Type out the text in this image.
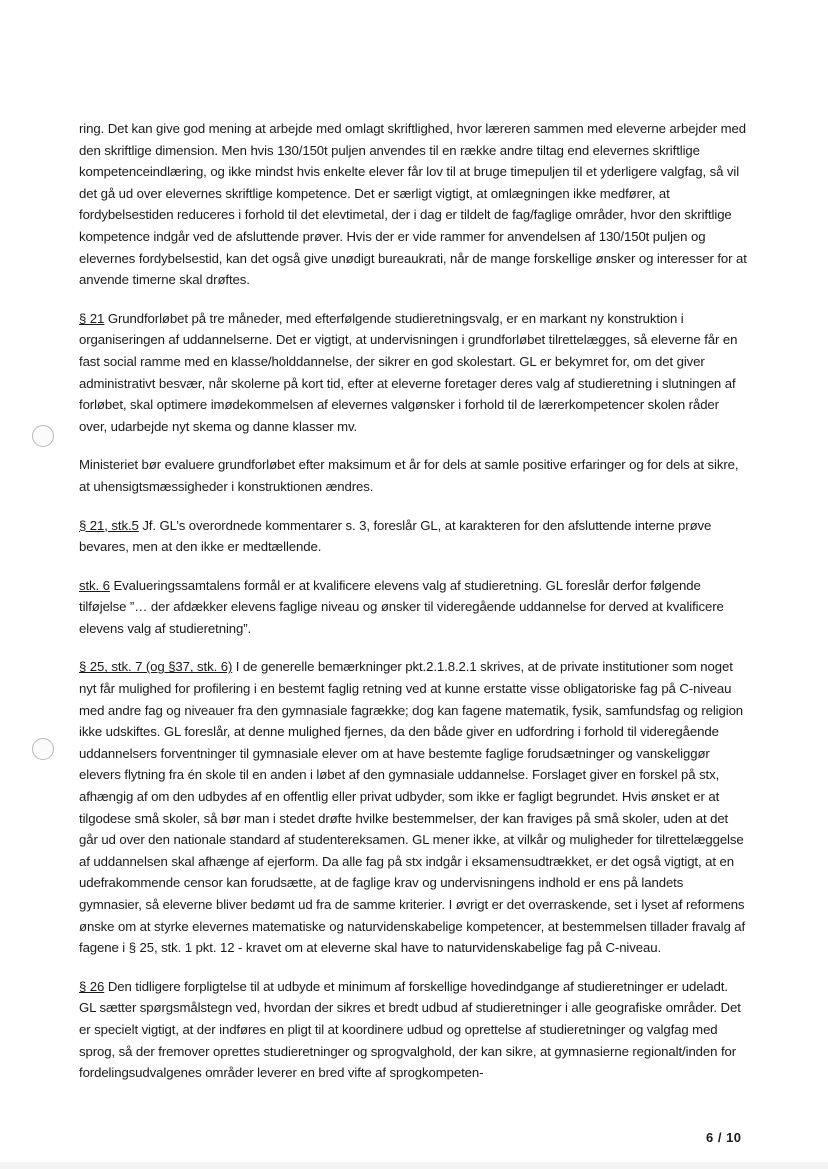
ring. Det kan give god mening at arbejde med omlagt skriftlighed, hvor læreren sammen med eleverne arbejder med den skriftlige dimension. Men hvis 130/150t puljen anvendes til en række andre tiltag end elevernes skriftlige kompetenceindlæring, og ikke mindst hvis enkelte elever får lov til at bruge timepuljen til et yderligere valgfag, så vil det gå ud over elevernes skriftlige kompetence. Det er særligt vigtigt, at omlægningen ikke medfører, at fordybelsestiden reduceres i forhold til det elevtimetal, der i dag er tildelt de fag/faglige områder, hvor den skriftlige kompetence indgår ved de afsluttende prøver. Hvis der er vide rammer for anvendelsen af 130/150t puljen og elevernes fordybelsestid, kan det også give unødigt bureaukrati, når de mange forskellige ønsker og interesser for at anvende timerne skal drøftes.

§ 21 Grundforløbet på tre måneder, med efterfølgende studieretningsvalg, er en markant ny konstruktion i organiseringen af uddannelserne. Det er vigtigt, at undervisningen i grundforløbet tilrettelægges, så eleverne får en fast social ramme med en klasse/holddannelse, der sikrer en god skolestart. GL er bekymret for, om det giver administrativt besvær, når skolerne på kort tid, efter at eleverne foretager deres valg af studieretning i slutningen af forløbet, skal optimere imødekommelsen af elevernes valgønsker i forhold til de lærerkompetencer skolen råder over, udarbejde nyt skema og danne klasser mv.

Ministeriet bør evaluere grundforløbet efter maksimum et år for dels at samle positive erfaringer og for dels at sikre, at uhensigtsmæssigheder i konstruktionen ændres.

§ 21, stk.5 Jf. GL’s overordnede kommentarer s. 3, foreslår GL, at karakteren for den afsluttende interne prøve bevares, men at den ikke er medtællende.

stk. 6 Evalueringssamtalens formål er at kvalificere elevens valg af studieretning. GL foreslår derfor følgende tilføjelse ”… der afdækker elevens faglige niveau og ønsker til videregående uddannelse for derved at kvalificere elevens valg af studieretning”.

§ 25, stk. 7 (og §37, stk. 6) I de generelle bemærkninger pkt.2.1.8.2.1 skrives, at de private institutioner som noget nyt får mulighed for profilering i en bestemt faglig retning ved at kunne erstatte visse obligatoriske fag på C-niveau med andre fag og niveauer fra den gymnasiale fagrække; dog kan fagene matematik, fysik, samfundsfag og religion ikke udskiftes. GL foreslår, at denne mulighed fjernes, da den både giver en udfordring i forhold til videregående uddannelsers forventninger til gymnasiale elever om at have bestemte faglige forudsætninger og vanskeliggør elevers flytning fra én skole til en anden i løbet af den gymnasiale uddannelse. Forslaget giver en forskel på stx, afhængig af om den udbydes af en offentlig eller privat udbyder, som ikke er fagligt begrundet. Hvis ønsket er at tilgodese små skoler, så bør man i stedet drøfte hvilke bestemmelser, der kan fraviges på små skoler, uden at det går ud over den nationale standard af studentereksamen. GL mener ikke, at vilkår og muligheder for tilrettelæggelse af uddannelsen skal afhænge af ejerform. Da alle fag på stx indgår i eksamensudtrækket, er det også vigtigt, at en udefrakommende censor kan forudsætte, at de faglige krav og undervisningens indhold er ens på landets gymnasier, så eleverne bliver bedømt ud fra de samme kriterier. I øvrigt er det overraskende, set i lyset af reformens ønske om at styrke elevernes matematiske og naturvidenskabelige kompetencer, at bestemmelsen tillader fravalg af fagene i § 25, stk. 1 pkt. 12 - kravet om at eleverne skal have to naturvidenskabelige fag på C-niveau.

§ 26 Den tidligere forpligtelse til at udbyde et minimum af forskellige hovedindgange af studieretninger er udeladt. GL sætter spørgsmålstegn ved, hvordan der sikres et bredt udbud af studieretninger i alle geografiske områder. Det er specielt vigtigt, at der indføres en pligt til at koordinere udbud og oprettelse af studieretninger og valgfag med sprog, så der fremover oprettes studieretninger og sprogvalghold, der kan sikre, at gymnasierne regionalt/inden for fordelingsudvalgenes områder leverer en bred vifte af sprogkompeten-

6 / 10
